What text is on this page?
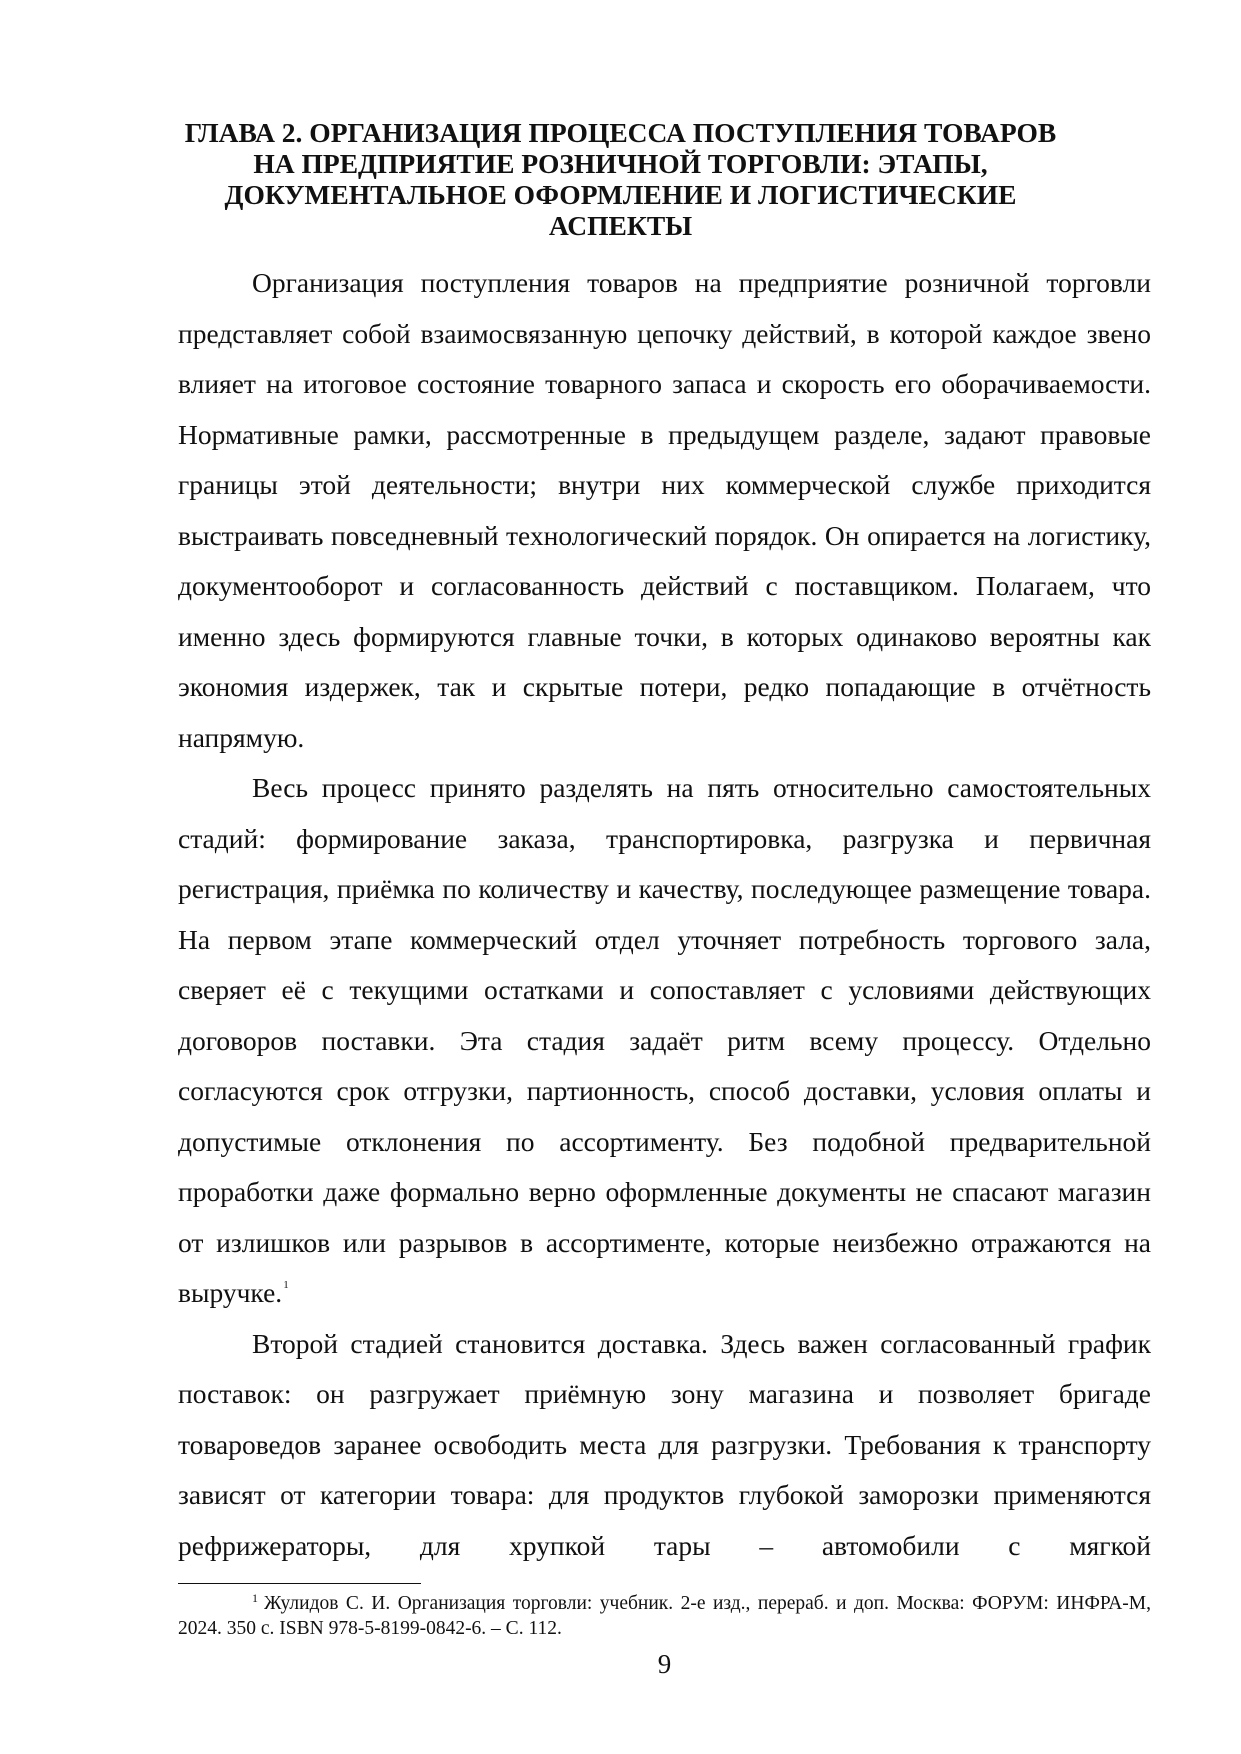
ГЛАВА 2. ОРГАНИЗАЦИЯ ПРОЦЕССА ПОСТУПЛЕНИЯ ТОВАРОВ НА ПРЕДПРИЯТИЕ РОЗНИЧНОЙ ТОРГОВЛИ: ЭТАПЫ, ДОКУМЕНТАЛЬНОЕ ОФОРМЛЕНИЕ И ЛОГИСТИЧЕСКИЕ АСПЕКТЫ

Организация поступления товаров на предприятие розничной торговли представляет собой взаимосвязанную цепочку действий, в которой каждое звено влияет на итоговое состояние товарного запаса и скорость его оборачиваемости. Нормативные рамки, рассмотренные в предыдущем разделе, задают правовые границы этой деятельности; внутри них коммерческой службе приходится выстраивать повседневный технологический порядок. Он опирается на логистику, документооборот и согласованность действий с поставщиком. Полагаем, что именно здесь формируются главные точки, в которых одинаково вероятны как экономия издержек, так и скрытые потери, редко попадающие в отчётность напрямую.

Весь процесс принято разделять на пять относительно самостоятельных стадий: формирование заказа, транспортировка, разгрузка и первичная регистрация, приёмка по количеству и качеству, последующее размещение товара. На первом этапе коммерческий отдел уточняет потребность торгового зала, сверяет её с текущими остатками и сопоставляет с условиями действующих договоров поставки. Эта стадия задаёт ритм всему процессу. Отдельно согласуются срок отгрузки, партионность, способ доставки, условия оплаты и допустимые отклонения по ассортименту. Без подобной предварительной проработки даже формально верно оформленные документы не спасают магазин от излишков или разрывов в ассортименте, которые неизбежно отражаются на выручке.$^1$

Второй стадией становится доставка. Здесь важен согласованный график поставок: он разгружает приёмную зону магазина и позволяет бригаде товароведов заранее освободить места для разгрузки. Требования к транспорту зависят от категории товара: для продуктов глубокой заморозки применяются рефрижераторы, для хрупкой тары – автомобили с мягкой

$^1$ Жулидов С. И. Организация торговли: учебник. 2-е изд., перераб. и доп. Москва: ФОРУМ: ИНФРА-М, 2024. 350 с. ISBN 978-5-8199-0842-6. – С. 112.

9
